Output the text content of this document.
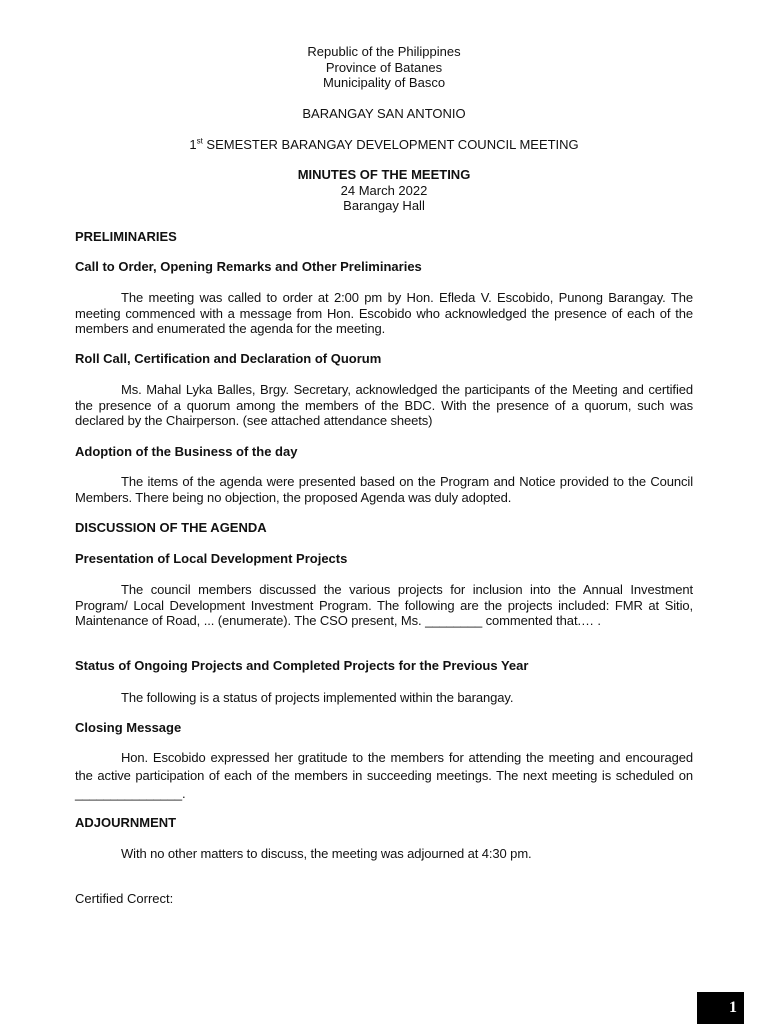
Republic of the Philippines
Province of Batanes
Municipality of Basco
BARANGAY SAN ANTONIO
1st SEMESTER BARANGAY DEVELOPMENT COUNCIL MEETING
MINUTES OF THE MEETING
24 March 2022
Barangay Hall
PRELIMINARIES
Call to Order, Opening Remarks and Other Preliminaries
The meeting was called to order at 2:00 pm by Hon. Efleda V. Escobido, Punong Barangay. The meeting commenced with a message from Hon. Escobido who acknowledged the presence of each of the members and enumerated the agenda for the meeting.
Roll Call, Certification and Declaration of Quorum
Ms. Mahal Lyka Balles, Brgy. Secretary, acknowledged the participants of the Meeting and certified the presence of a quorum among the members of the BDC. With the presence of a quorum, such was declared by the Chairperson. (see attached attendance sheets)
Adoption of the Business of the day
The items of the agenda were presented based on the Program and Notice provided to the Council Members. There being no objection, the proposed Agenda was duly adopted.
DISCUSSION OF THE AGENDA
Presentation of Local Development Projects
The council members discussed the various projects for inclusion into the Annual Investment Program/ Local Development Investment Program. The following are the projects included: FMR at Sitio, Maintenance of Road, ... (enumerate). The CSO present, Ms. ________ commented that.… .
Status of Ongoing Projects and Completed Projects for the Previous Year
The following is a status of projects implemented within the barangay.
Closing Message
Hon. Escobido expressed her gratitude to the members for attending the meeting and encouraged the active participation of each of the members in succeeding meetings. The next meeting is scheduled on _______________.
ADJOURNMENT
With no other matters to discuss, the meeting was adjourned at 4:30 pm.
Certified Correct:
1
